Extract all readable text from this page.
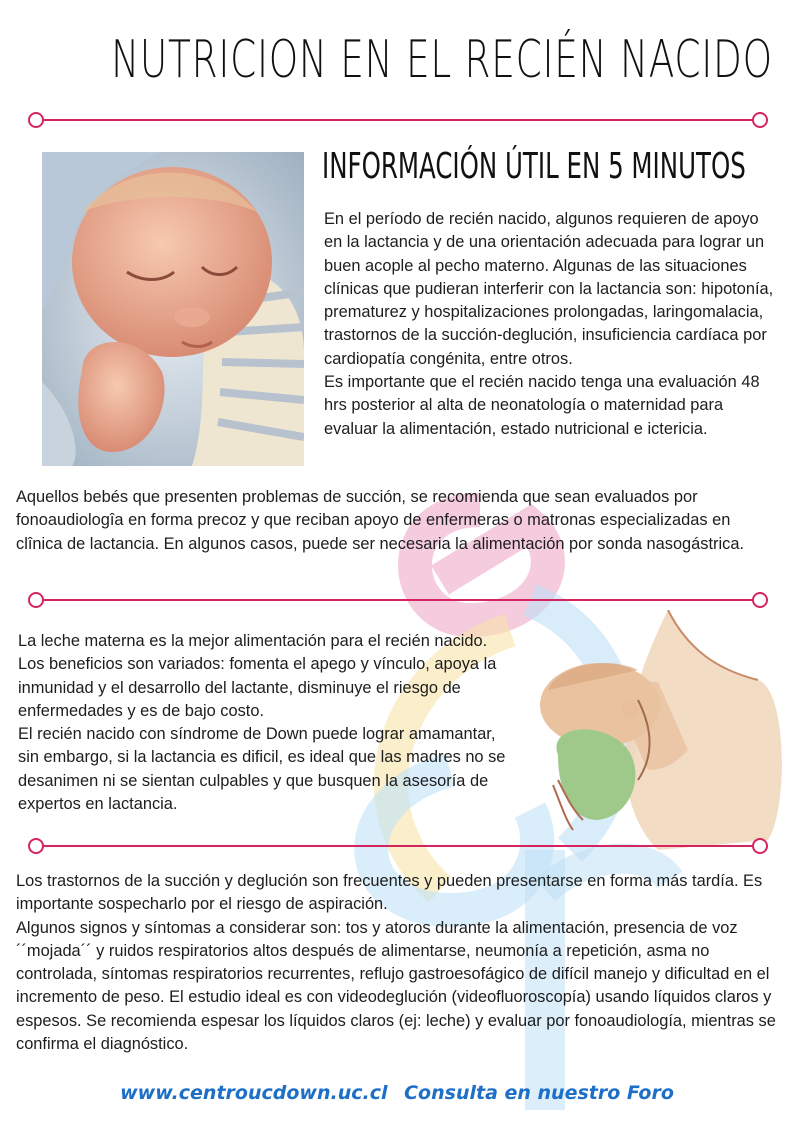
NUTRICION EN EL RECIÉN NACIDO
INFORMACIÓN ÚTIL EN 5 MINUTOS

En el período de recién nacido, algunos requieren de apoyo en la lactancia y de una orientación adecuada para lograr un buen acople al pecho materno. Algunas de las situaciones clínicas que pudieran interferir con la lactancia son: hipotonía, prematurez y hospitalizaciones prolongadas, laringomalacia, trastornos de la succión-deglución, insuficiencia cardíaca por cardiopatía congénita, entre otros.

Es importante que el recién nacido tenga una evaluación 48 hrs posterior al alta de neonatología o maternidad para evaluar la alimentación, estado nutricional e ictericia.

Aquellos bebés que presenten problemas de succión, se recomienda que sean evaluados por fonoaudiologîa en forma precoz y que reciban apoyo de enfermeras o matronas especializadas en clînica de lactancia. En algunos casos, puede ser necesaria la alimentación por sonda nasogástrica.

La leche materna es la mejor alimentación para el recién nacido. Los beneficios son variados: fomenta el apego y vínculo, apoya la inmunidad y el desarrollo del lactante, disminuye el riesgo de enfermedades y es de bajo costo.

El recién nacido con síndrome de Down puede lograr amamantar, sin embargo, si la lactancia es dificil, es ideal que las madres no se desanimen ni se sientan culpables y que busquen la asesoría de expertos en lactancia.

Los trastornos de la succión y deglución son frecuentes y pueden presentarse en forma más tardía. Es importante sospecharlo por el riesgo de aspiración.

Algunos signos y síntomas a considerar son: tos y atoros durante la alimentación, presencia de voz ´´mojada´´ y ruidos respiratorios altos después de alimentarse, neumonía a repetición, asma no controlada, síntomas respiratorios recurrentes, reflujo gastroesofágico de difícil manejo y dificultad en el incremento de peso. El estudio ideal es con videodeglución (videofluoroscopía) usando líquidos claros y espesos. Se recomienda espesar los líquidos claros (ej: leche) y evaluar por fonoaudiología, mientras se confirma el diagnóstico.

www.centroucdown.uc.cl Consulta en nuestro Foro
